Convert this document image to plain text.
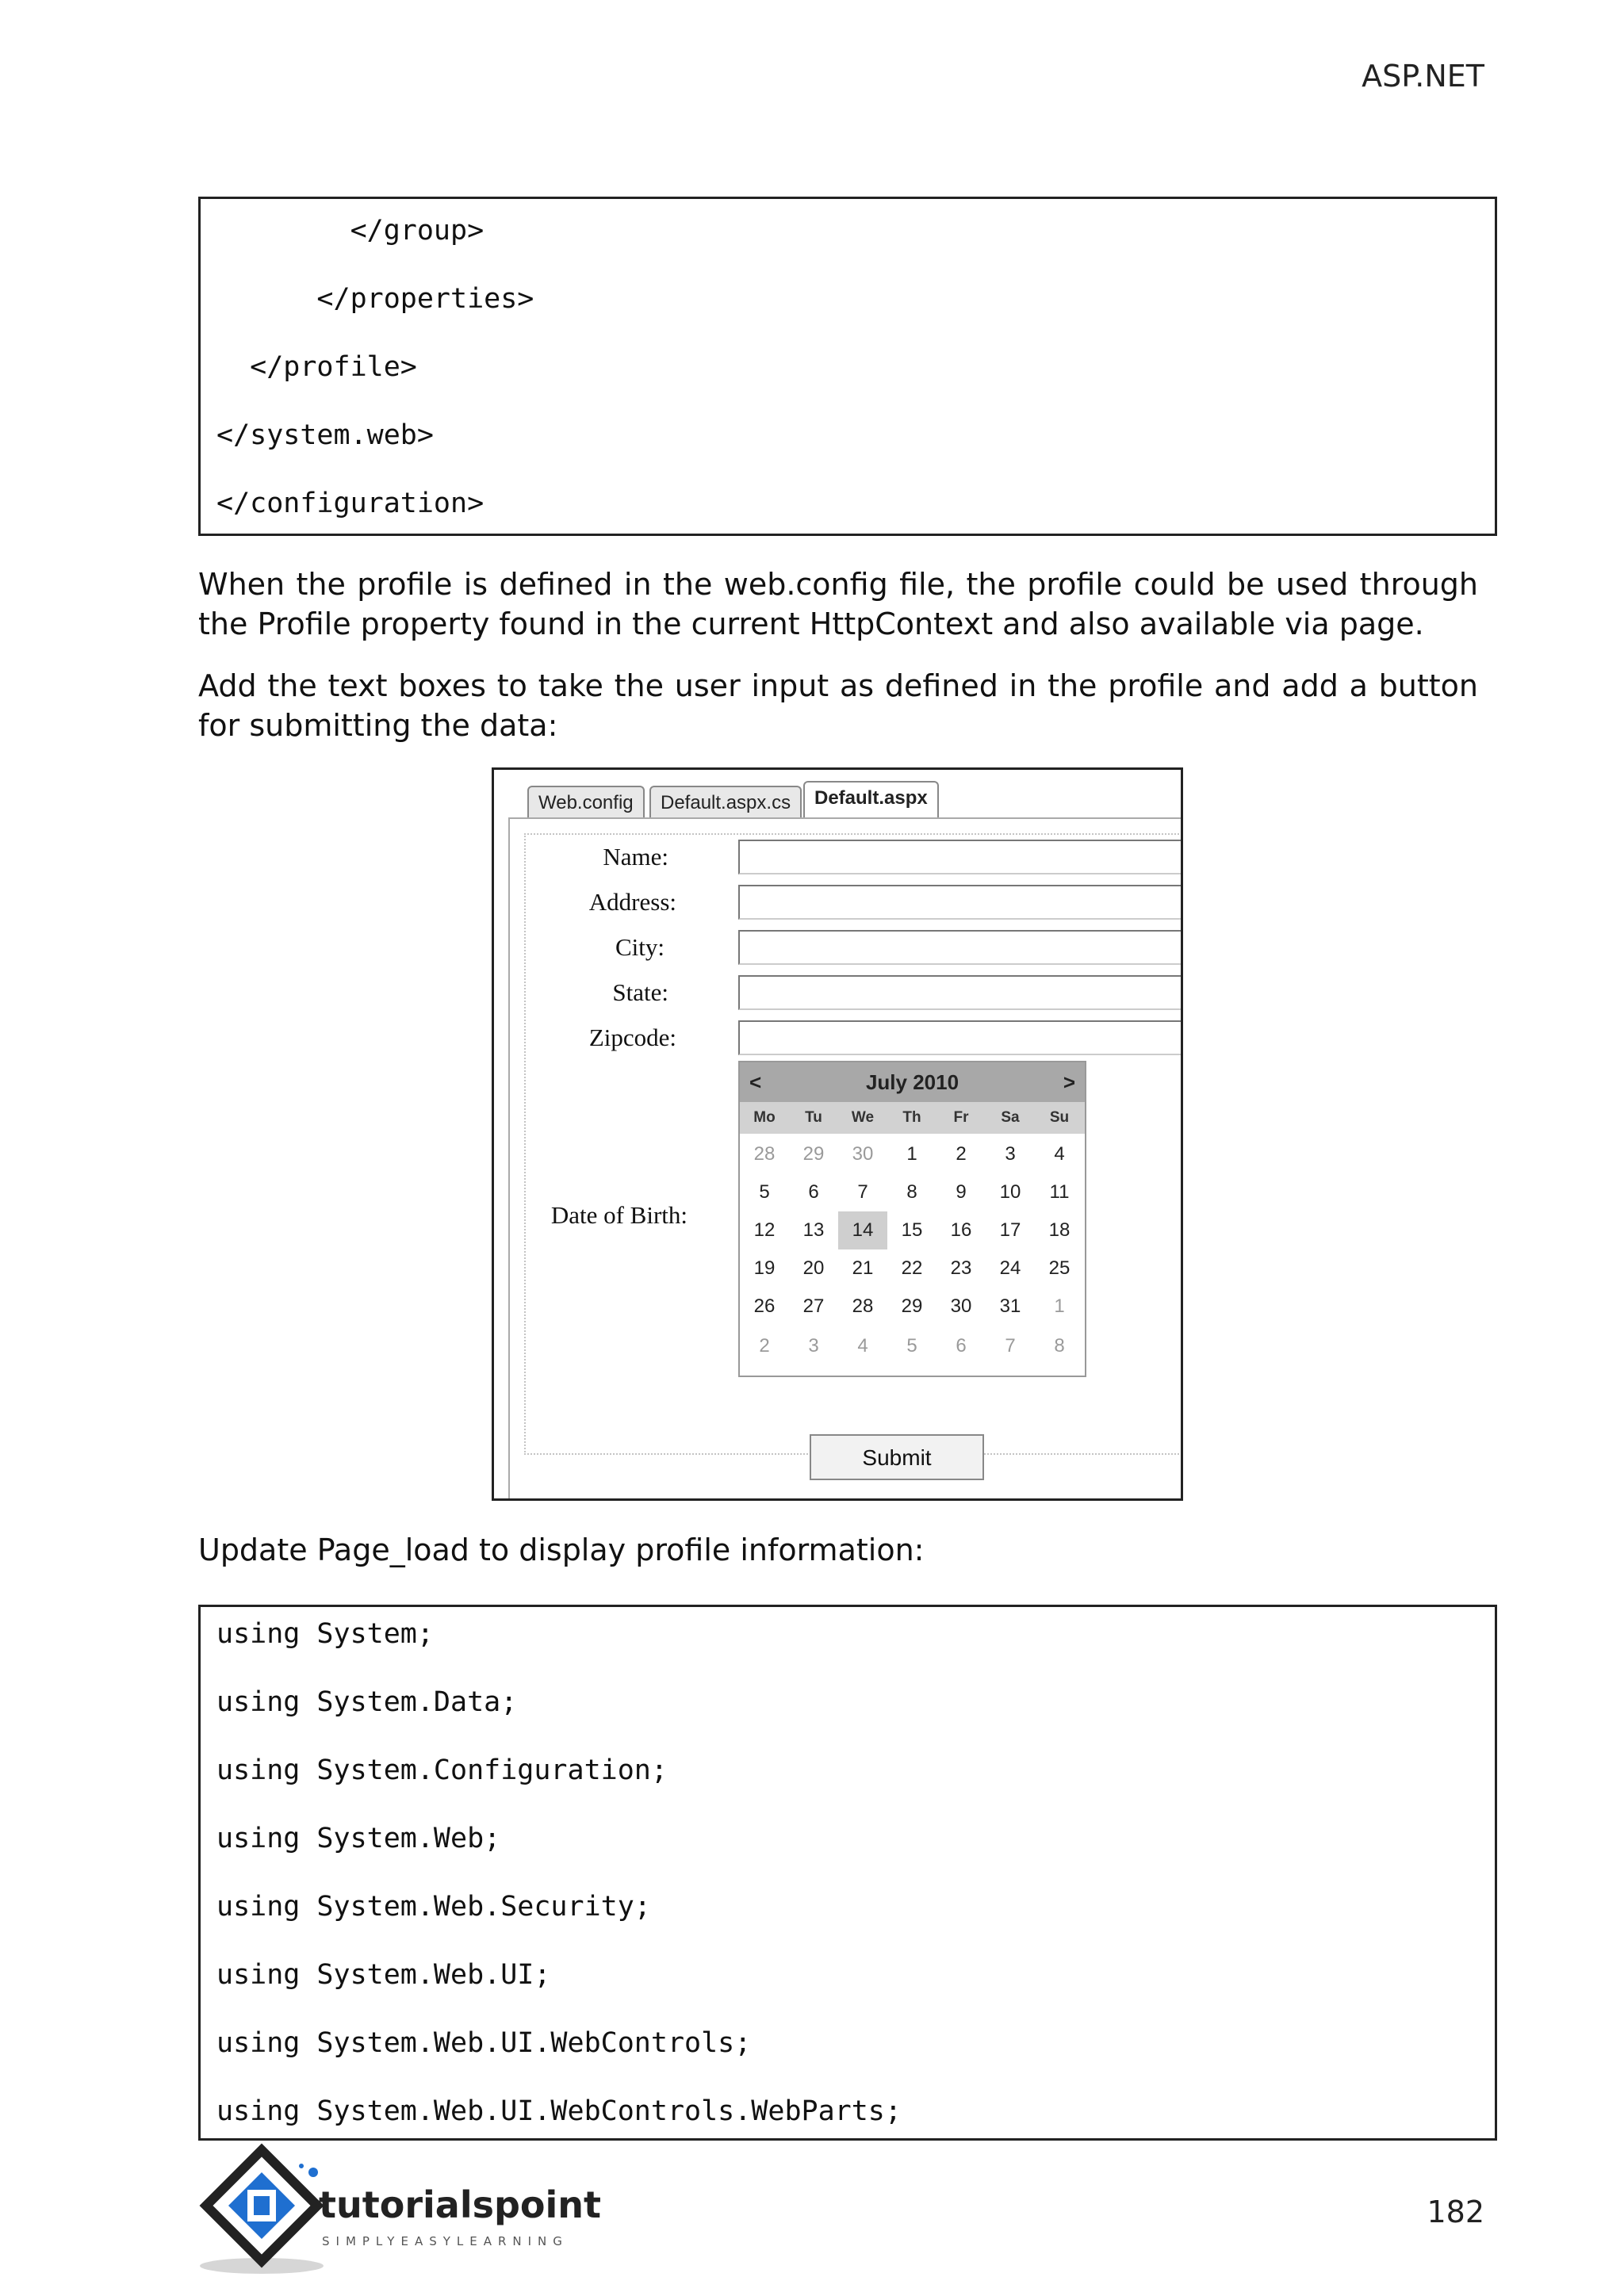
ASP.NET
</group>
</properties>
</profile>
</system.web>
</configuration>
When the profile is defined in the web.config file, the profile could be used through the Profile property found in the current HttpContext and also available via page.
Add the text boxes to take the user input as defined in the profile and add a button for submitting the data:
Web.config	Default.aspx.cs	Default.aspx
Name:
Address:
City:
State:
Zipcode:
Date of Birth:
<	July 2010	>
Mo	Tu	We	Th	Fr	Sa	Su
28	29	30	1	2	3	4
5	6	7	8	9	10	11
12	13	14	15	16	17	18
19	20	21	22	23	24	25
26	27	28	29	30	31	1
2	3	4	5	6	7	8
Submit
Update Page_load to display profile information:
using System;
using System.Data;
using System.Configuration;
using System.Web;
using System.Web.Security;
using System.Web.UI;
using System.Web.UI.WebControls;
using System.Web.UI.WebControls.WebParts;
tutorialspoint
SIMPLYEASYLEARNING
182
